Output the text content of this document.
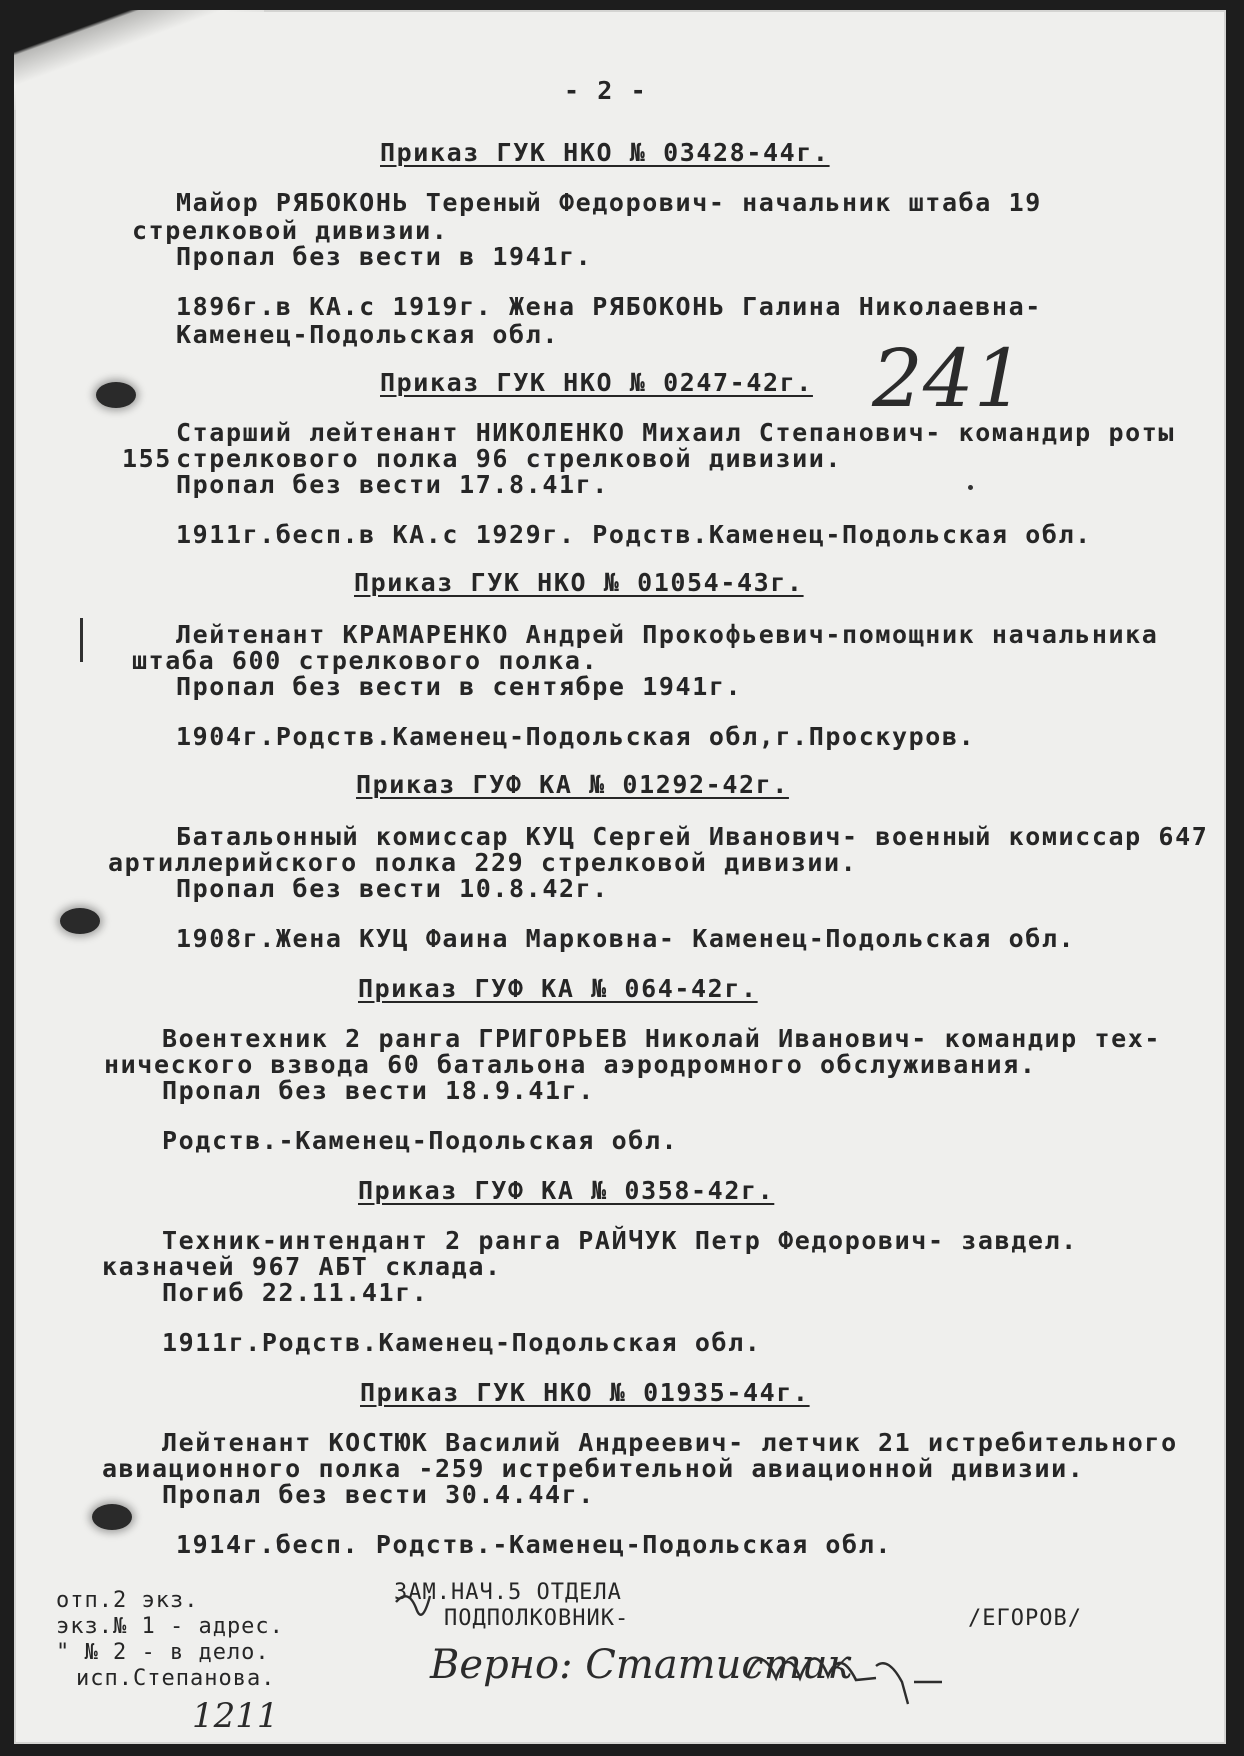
- 2 -
241
Приказ ГУК НКО № 03428-44г.
Майор РЯБОКОНЬ Тереный Федорович- начальник штаба 19
стрелковой дивизии.
Пропал без вести в 1941г.
1896г.в КА.с 1919г. Жена РЯБОКОНЬ Галина Николаевна-
Каменец-Подольская обл.
Приказ ГУК НКО № 0247-42г.
155
Старший лейтенант НИКОЛЕНКО Михаил Степанович- командир роты
стрелкового полка 96 стрелковой дивизии.
Пропал без вести 17.8.41г.
1911г.бесп.в КА.с 1929г. Родств.Каменец-Подольская обл.
Приказ ГУК НКО № 01054-43г.
Лейтенант КРАМАРЕНКО Андрей Прокофьевич-помощник начальника
штаба 600 стрелкового полка.
Пропал без вести в сентябре 1941г.
1904г.Родств.Каменец-Подольская обл,г.Проскуров.
Приказ ГУФ КА № 01292-42г.
Батальонный комиссар КУЦ Сергей Иванович- военный комиссар 647
артиллерийского полка 229 стрелковой дивизии.
Пропал без вести 10.8.42г.
1908г.Жена КУЦ Фаина Марковна- Каменец-Подольская обл.
Приказ ГУФ КА № 064-42г.
Воентехник 2 ранга ГРИГОРЬЕВ Николай Иванович- командир тех-
нического взвода 60 батальона аэродромного обслуживания.
Пропал без вести 18.9.41г.
Родств.-Каменец-Подольская обл.
Приказ ГУФ КА № 0358-42г.
Техник-интендант 2 ранга РАЙЧУК Петр Федорович- завдел.
казначей 967 АБТ склада.
Погиб 22.11.41г.
1911г.Родств.Каменец-Подольская обл.
Приказ ГУК НКО № 01935-44г.
Лейтенант КОСТЮК Василий Андреевич- летчик 21 истребительного
авиационного полка -259 истребительной авиационной дивизии.
Пропал без вести 30.4.44г.
1914г.бесп. Родств.-Каменец-Подольская обл.
отп.2 экз.
экз.№ 1 - адрес.
" № 2 - в дело.
исп.Степанова.
ЗАМ.НАЧ.5 ОТДЕЛА
ПОДПОЛКОВНИК-	/ЕГОРОВ/
Верно: Статистик
1211
